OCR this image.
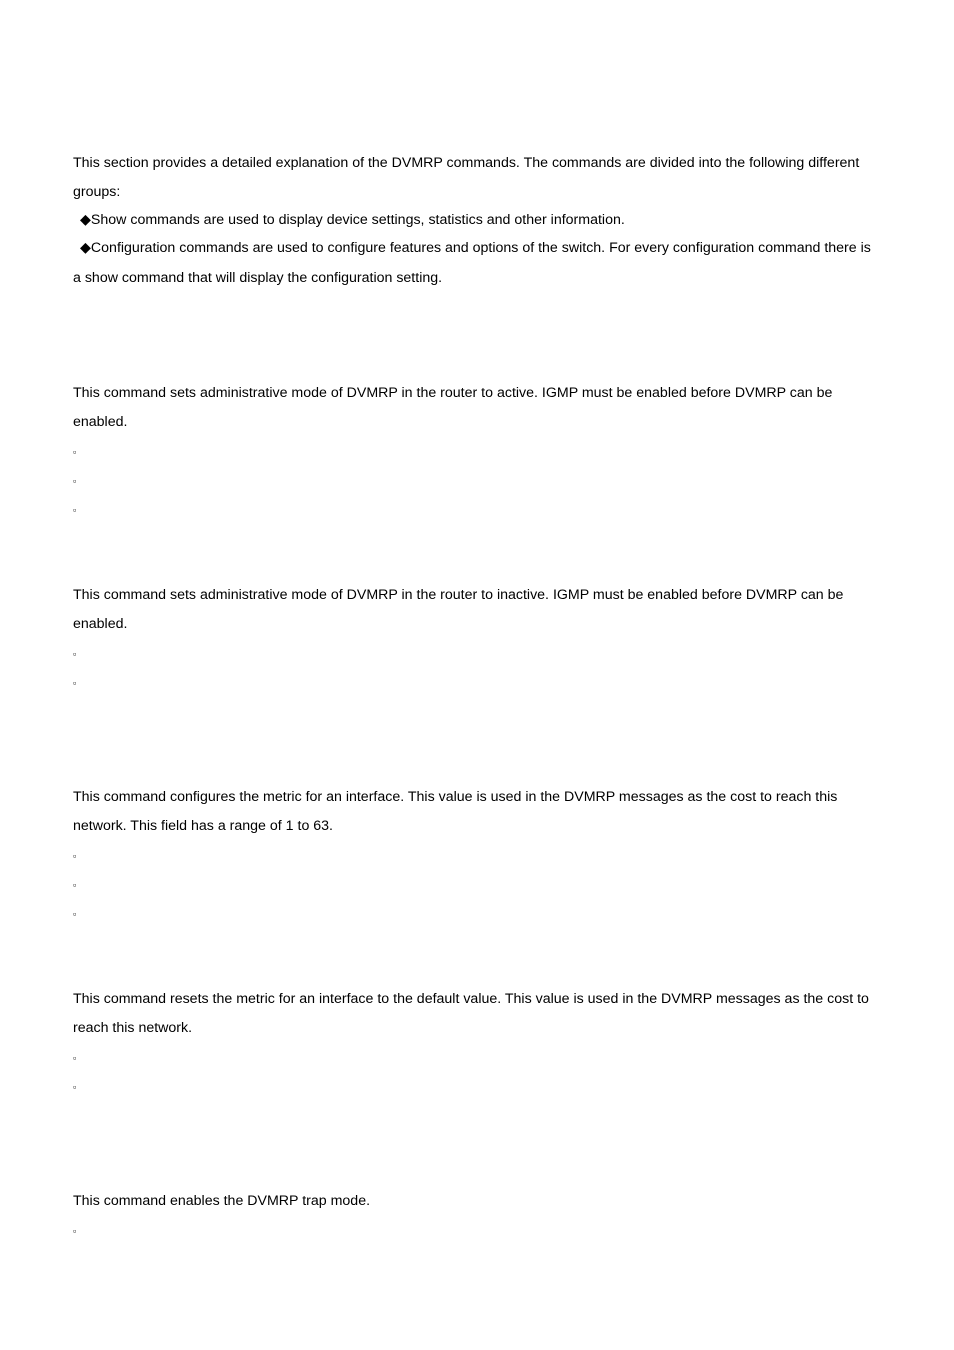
This section provides a detailed explanation of the DVMRP commands. The commands are divided into the following different
groups:
◆Show commands are used to display device settings, statistics and other information.
◆Configuration commands are used to configure features and options of the switch. For every configuration command there is
a show command that will display the configuration setting.
This command sets administrative mode of DVMRP in the router to active. IGMP must be enabled before DVMRP can be
enabled.
▫
▫
▫
This command sets administrative mode of DVMRP in the router to inactive. IGMP must be enabled before DVMRP can be
enabled.
▫
▫
This command configures the metric for an interface. This value is used in the DVMRP messages as the cost to reach this
network. This field has a range of 1 to 63.
▫
▫
▫
This command resets the metric for an interface to the default value. This value is used in the DVMRP messages as the cost to
reach this network.
▫
▫
This command enables the DVMRP trap mode.
▫
